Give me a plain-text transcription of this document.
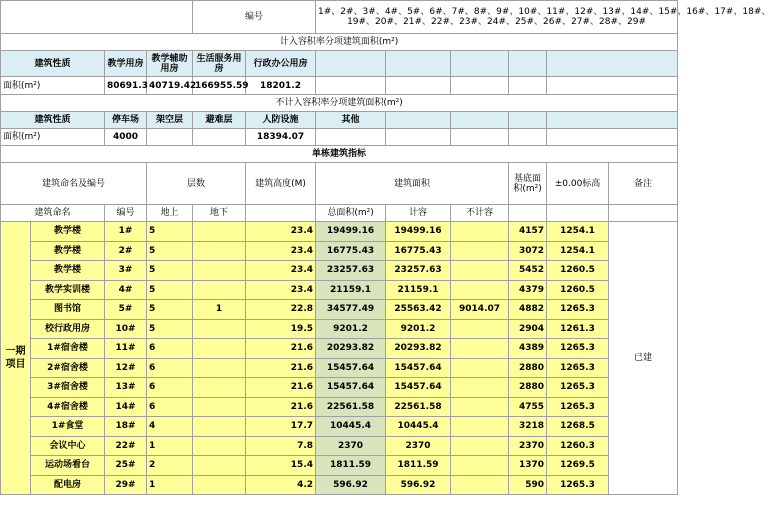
				编号		1#、2#、3#、4#、5#、6#、7#、8#、9#、10#、11#、12#、13#、14#、15#、16#、17#、18#、
19#、20#、21#、22#、23#、24#、25#、26#、27#、28#、29#					

计入容积率分项建筑面积(m²)											
建筑性质		教学用房	教学辅助用房	生活服务用房	行政办公用房						
面积(m²)		80691.3	40719.42	166955.59	18201.2						
不计入容积率分项建筑面积(m²)											
建筑性质		停车场	架空层	避难层	人防设施	其他					
面积(m²)		4000			18394.07						
单栋建筑指标											
建筑命名及编号			层数		建筑高度(M)	建筑面积			基底面积(m²)	±0.00标高	备注
建筑命名		编号	地上	地下		总面积(m²)	计容	不计容			
一期项目	教学楼	1#	5		23.4	19499.16	19499.16		4157	1254.1	已建
	教学楼	2#	5		23.4	16775.43	16775.43		3072	1254.1	
	教学楼	3#	5		23.4	23257.63	23257.63		5452	1260.5	
	教学实训楼	4#	5		23.4	21159.1	21159.1		4379	1260.5	
	图书馆	5#	5	1	22.8	34577.49	25563.42	9014.07	4882	1265.3	
	校行政用房	10#	5		19.5	9201.2	9201.2		2904	1261.3	
	1#宿舍楼	11#	6		21.6	20293.82	20293.82		4389	1265.3	
	2#宿舍楼	12#	6		21.6	15457.64	15457.64		2880	1265.3	
	3#宿舍楼	13#	6		21.6	15457.64	15457.64		2880	1265.3	
	4#宿舍楼	14#	6		21.6	22561.58	22561.58		4755	1265.3	
	1#食堂	18#	4		17.7	10445.4	10445.4		3218	1268.5	
	会议中心	22#	1		7.8	2370	2370		2370	1260.3	
	运动场看台	25#	2		15.4	1811.59	1811.59		1370	1269.5	
	配电房	29#	1		4.2	596.92	596.92		590	1265.3	
